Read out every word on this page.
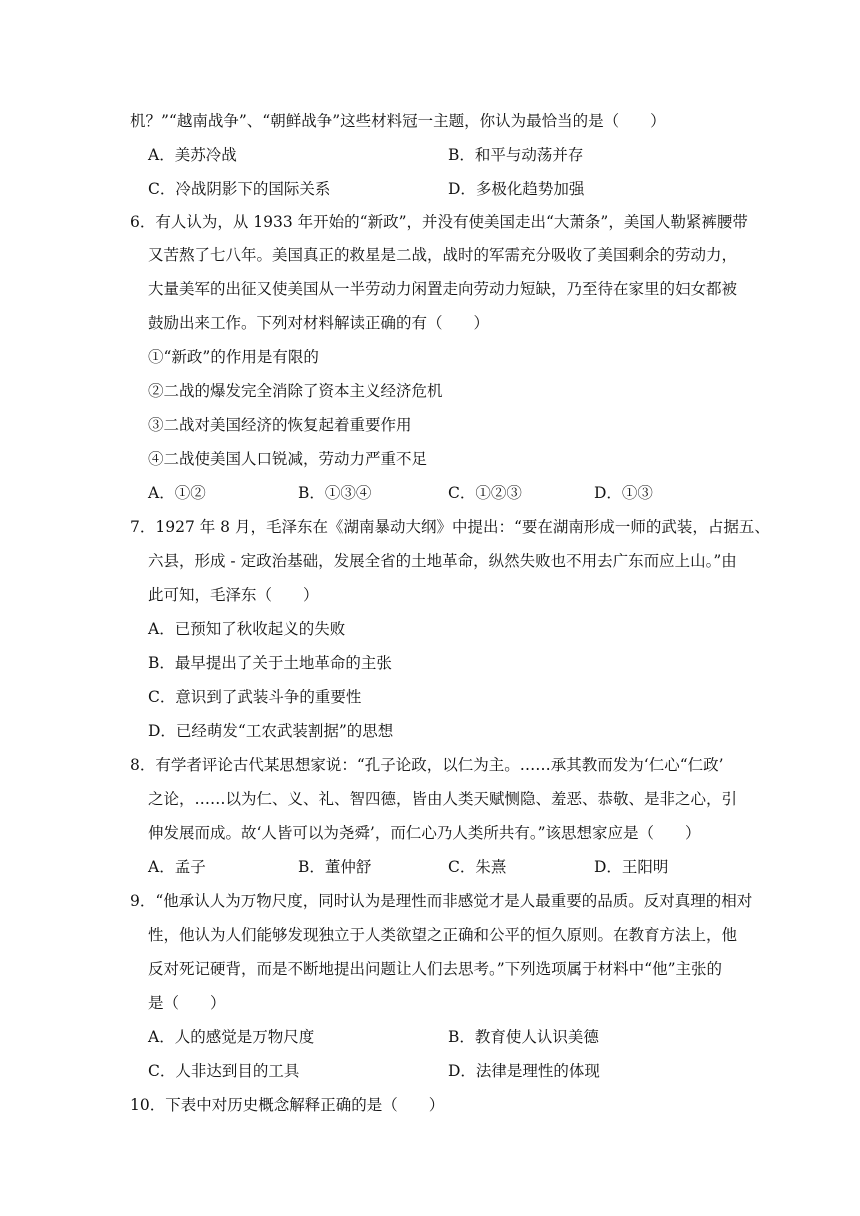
机？”“越南战争”、“朝鲜战争”这些材料冠一主题，你认为最恰当的是（　　）
A．美苏冷战	B．和平与动荡并存
C．冷战阴影下的国际关系	D．多极化趋势加强
6．有人认为，从 1933 年开始的“新政”，并没有使美国走出“大萧条”，美国人勒紧裤腰带
又苦熬了七八年。美国真正的救星是二战，战时的军需充分吸收了美国剩余的劳动力，
大量美军的出征又使美国从一半劳动力闲置走向劳动力短缺，乃至待在家里的妇女都被
鼓励出来工作。下列对材料解读正确的有（　　）
①“新政”的作用是有限的
②二战的爆发完全消除了资本主义经济危机
③二战对美国经济的恢复起着重要作用
④二战使美国人口锐减，劳动力严重不足
A．①②	B．①③④	C．①②③	D．①③
7．1927 年 8 月，毛泽东在《湖南暴动大纲》中提出：“要在湖南形成一师的武装，占据五、
六县，形成 - 定政治基础，发展全省的土地革命，纵然失败也不用去广东而应上山。”由
此可知，毛泽东（　　）
A．已预知了秋收起义的失败
B．最早提出了关于土地革命的主张
C．意识到了武装斗争的重要性
D．已经萌发“工农武装割据”的思想
8．有学者评论古代某思想家说：“孔子论政，以仁为主。……承其教而发为‘仁心“仁政’
之论，……以为仁、义、礼、智四德，皆由人类天赋恻隐、羞恶、恭敬、是非之心，引
伸发展而成。故‘人皆可以为尧舜’，而仁心乃人类所共有。”该思想家应是（　　）
A．孟子	B．董仲舒	C．朱熹	D．王阳明
9．“他承认人为万物尺度，同时认为是理性而非感觉才是人最重要的品质。反对真理的相对
性，他认为人们能够发现独立于人类欲望之正确和公平的恒久原则。在教育方法上，他
反对死记硬背，而是不断地提出问题让人们去思考。”下列选项属于材料中“他”主张的
是（　　）
A．人的感觉是万物尺度	B．教育使人认识美德
C．人非达到目的工具	D．法律是理性的体现
10．下表中对历史概念解释正确的是（　　）
